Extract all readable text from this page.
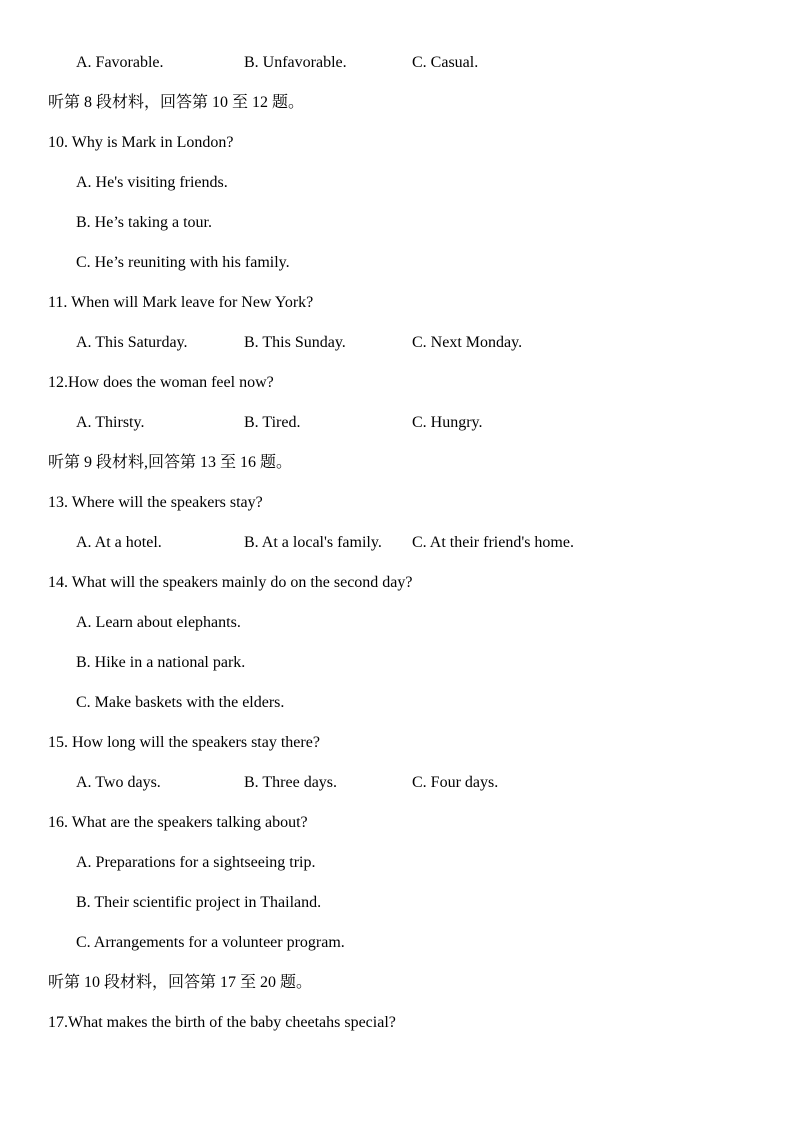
A. Favorable.	B. Unfavorable.	C. Casual.
听第 8 段材料，回答第 10 至 12 题。
10. Why is Mark in London?
A. He's visiting friends.
B. He’s taking a tour.
C. He’s reuniting with his family.
11. When will Mark leave for New York?
A. This Saturday.	B. This Sunday.	C. Next Monday.
12.How does the woman feel now?
A. Thirsty.	B. Tired.	C. Hungry.
听第 9 段材料,回答第 13 至 16 题。
13. Where will the speakers stay?
A. At a hotel.	B. At a local's family. C. At their friend's home.
14. What will the speakers mainly do on the second day?
A. Learn about elephants.
B. Hike in a national park.
C. Make baskets with the elders.
15. How long will the speakers stay there?
A. Two days.	B. Three days.	C. Four days.
16. What are the speakers talking about?
A. Preparations for a sightseeing trip.
B. Their scientific project in Thailand.
C. Arrangements for a volunteer program.
听第 10 段材料，回答第 17 至 20 题。
17.What makes the birth of the baby cheetahs special?
